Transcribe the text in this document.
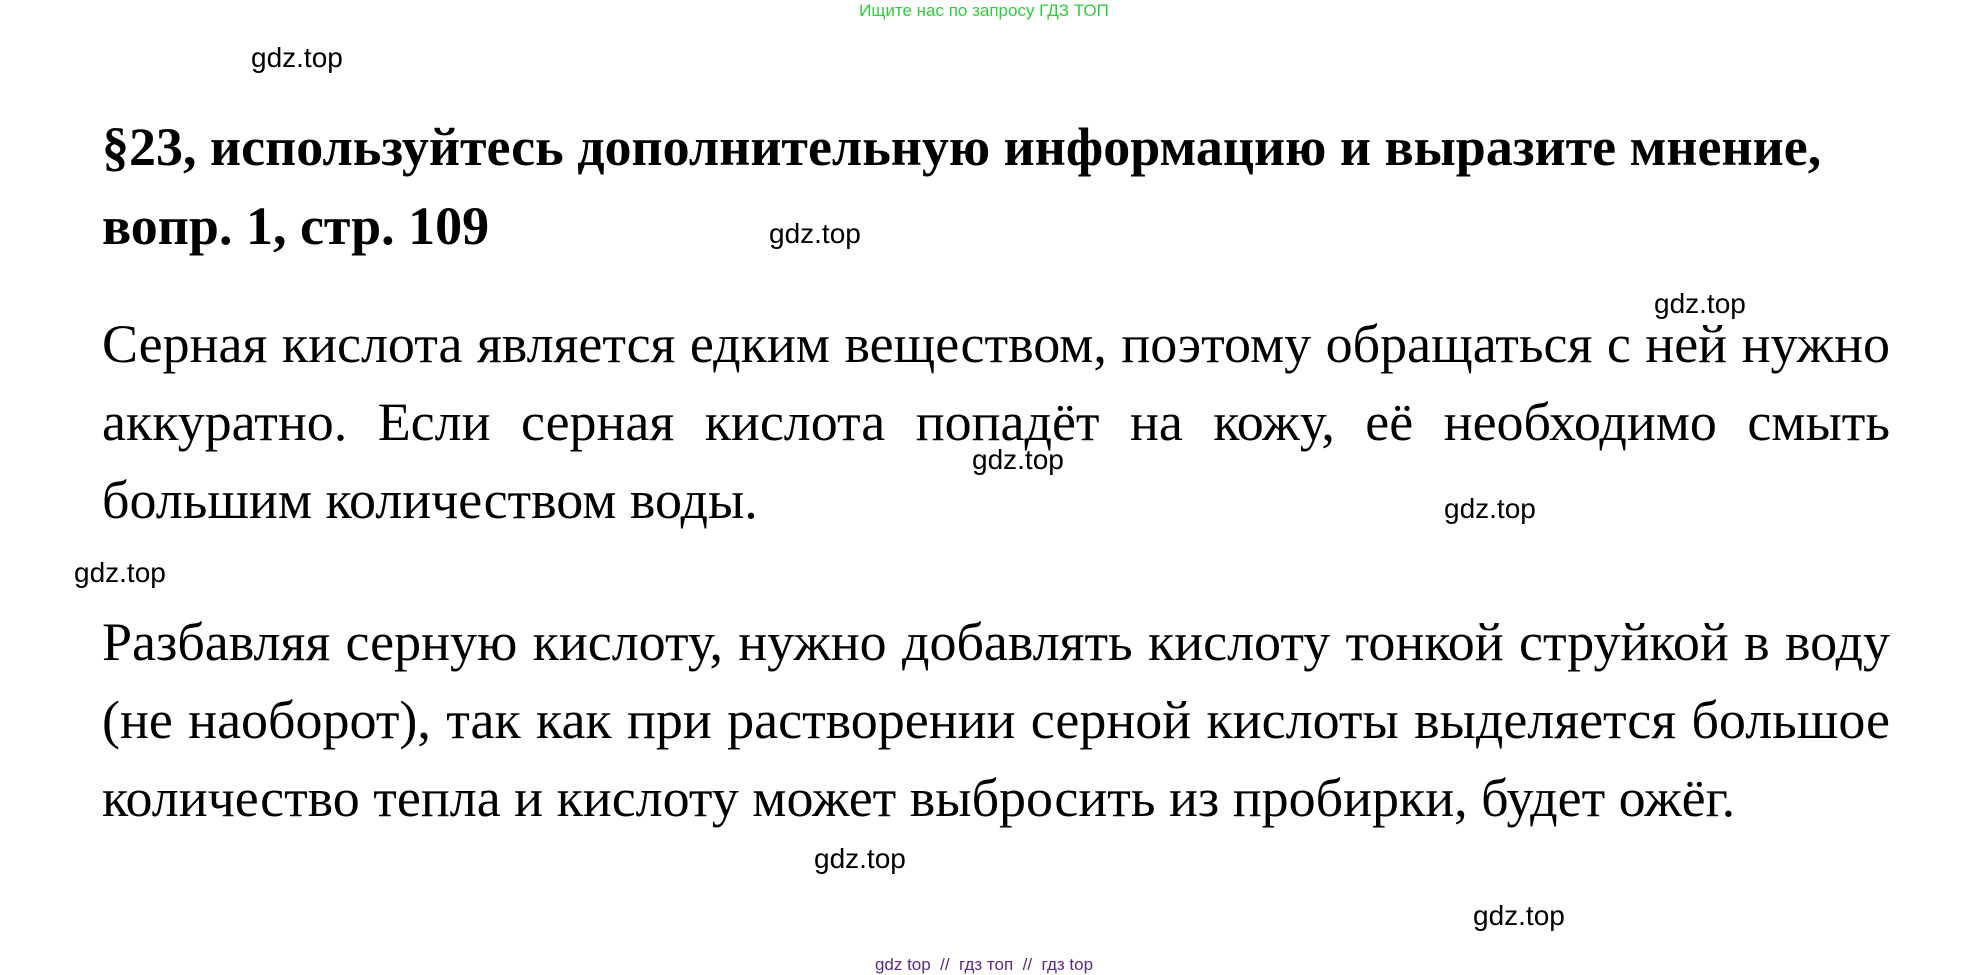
Ищите нас по запросу ГДЗ ТОП
gdz.top
§23, используйтесь дополнительную информацию и выразите мнение, вопр. 1, стр. 109	gdz.top
gdz.top

Серная кислота является едким веществом, поэтому обращаться с ней нужно аккуратно. Если серная кислота попадёт на кожу, её необходимо смыть большим количеством воды.

gdz.top
gdz.top
gdz.top

Разбавляя серную кислоту, нужно добавлять кислоту тонкой струйкой в воду (не наоборот), так как при растворении серной кислоты выделяется большое количество тепла и кислоту может выбросить из пробирки, будет ожёг.

gdz.top
gdz.top
gdz top  //  гдз топ  //  гдз top
